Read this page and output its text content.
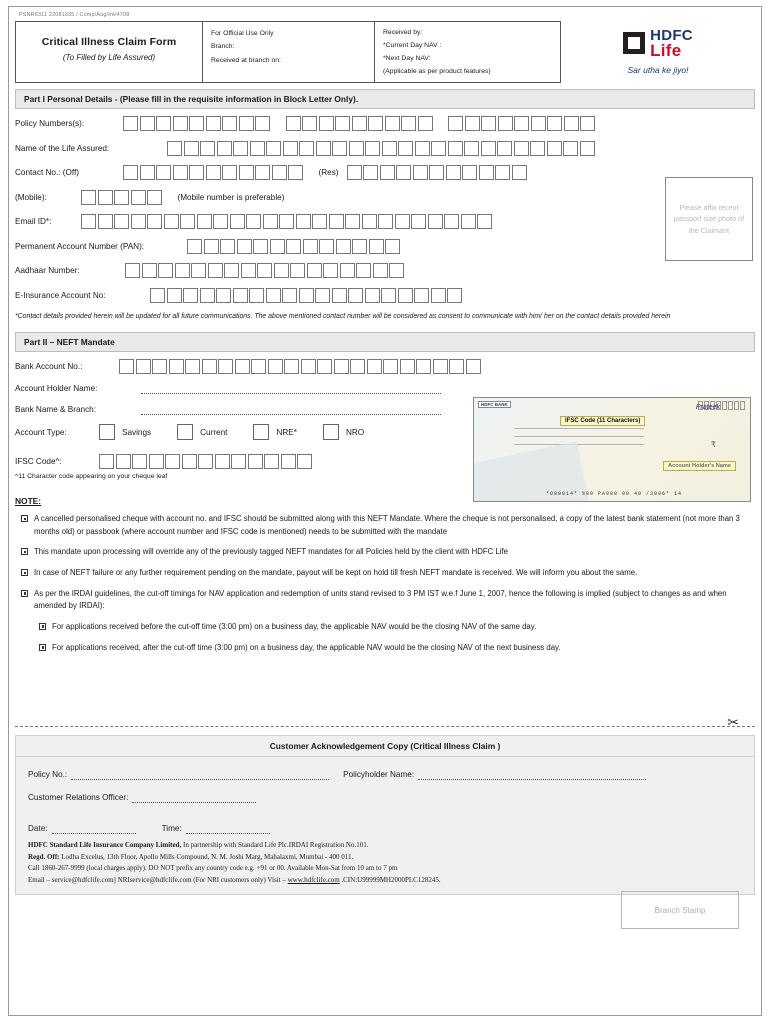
PSNR6311 22081635 / Comp/Aug/Int/4708
Critical Illness Claim Form
(To Filled by Life Assured)
For Official Use Only
Branch:
Received at branch on:
Received by:
*Current Day NAV :
*Next Day NAV:
(Applicable as per product features)
HDFC
Life
Sar utha ke jiyo!
Part I Personal Details - (Please fill in the requisite information in Block Letter Only).
Please affix recent passport size photo of the Claimant
Policy Numbers(s):
Name of the Life Assured:
Contact No.: (Off)	(Res)
(Mobile):	(Mobile number is preferable)
Email ID*:
Permanent Account Number (PAN):
Aadhaar Number:
E-Insurance Account No:
*Contact details provided herein will be updated for all future communications. The above mentioned contact number will be considered as consent to communicate with him/ her on the contact details provided herein
Part II – NEFT Mandate
HDFC BANK	Prateek
IFSC Code (11 Characters)
₹
Account Holder's Name
*000014* %00 PA000 00 49 /3096* 14
Bank Account No.:
Account Holder Name:
Bank Name & Branch:
Account Type:	Savings	Current	NRE*	NRO
IFSC Code^:
^11 Character code appearing on your cheque leaf
NOTE:
A cancelled personalised cheque with account no. and IFSC should be submitted along with this NEFT Mandate. Where the cheque is not personalised, a copy of the latest bank statement (not more than 3 months old) or passbook (where account number and IFSC code is mentioned) needs to be submitted with the mandate
This mandate upon processing will override any of the previously tagged NEFT mandates for all Policies held by the client with HDFC Life
In case of NEFT failure or any further requirement pending on the mandate, payout will be kept on hold till fresh NEFT mandate is received. We will inform you about the same.
As per the IRDAI guidelines, the cut-off timings for NAV application and redemption of units stand revised to 3 PM IST w.e.f June 1, 2007, hence the following is implied (subject to changes as and when amended by IRDAI):
For applications received before the cut-off time (3:00 pm) on a business day, the applicable NAV would be the closing NAV of the same day.
For applications received, after the cut-off time (3:00 pm) on a business day, the applicable NAV would be the closing NAV of the next business day.
✂
Customer Acknowledgement Copy (Critical Illness Claim )
Policy No.:	Policyholder Name:
Customer Relations Officer:
Date:	Time:
Branch Stamp
HDFC Standard Life Insurance Company Limited, In partnership with Standard Life Plc.IRDAI Registration No.101.
Regd. Off: Lodha Excelus, 13th Floor, Apollo Mills Compound, N. M. Joshi Marg, Mahalaxmi, Mumbai - 400 011.
Call 1860-267-9999 (local charges apply). DO NOT prefix any country code e.g. +91 or 00. Available Mon-Sat from 10 am to 7 pm
Email – service@hdfclife.com] NRIservice@hdfclife.com (For NRI customers only) Visit – www.hdfclife.com .CIN:U99999MH2000PLC128245.
